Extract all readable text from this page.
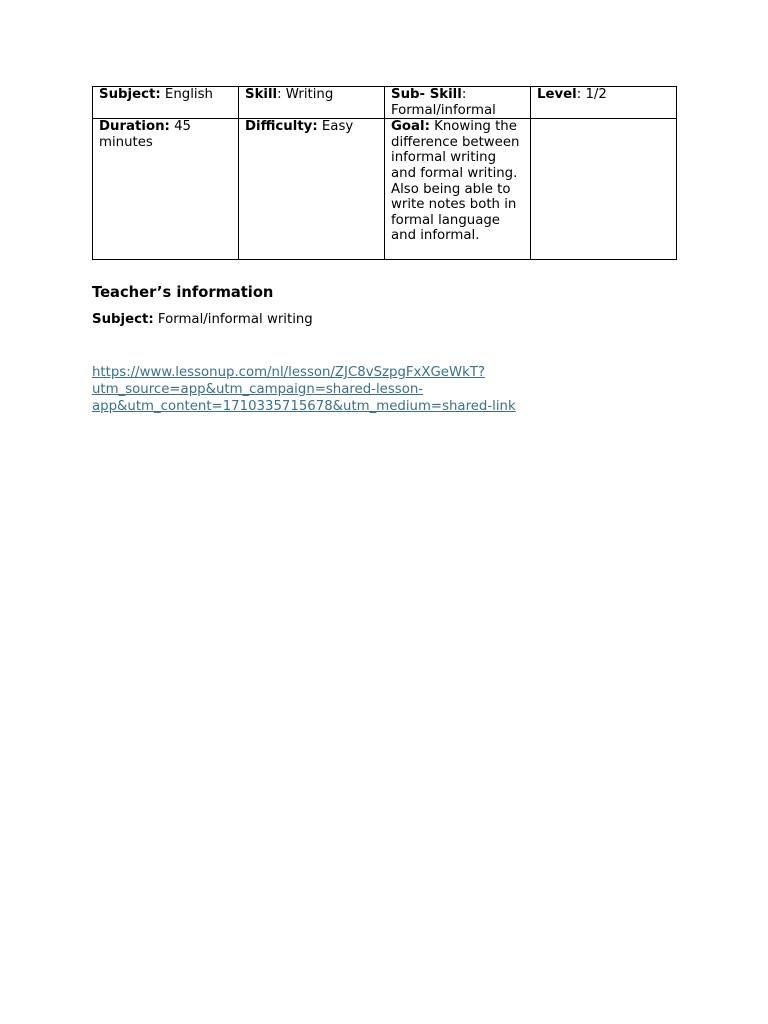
Subject: English	Skill: Writing	Sub- Skill: Formal/informal	Level: 1/2
Duration: 45 minutes	Difficulty: Easy	Goal: Knowing the difference between informal writing and formal writing. Also being able to write notes both in formal language and informal.	

Teacher’s information

Subject: Formal/informal writing

https://www.lessonup.com/nl/lesson/ZJC8vSzpgFxXGeWkT?
utm_source=app&utm_campaign=shared-lesson-
app&utm_content=1710335715678&utm_medium=shared-link
